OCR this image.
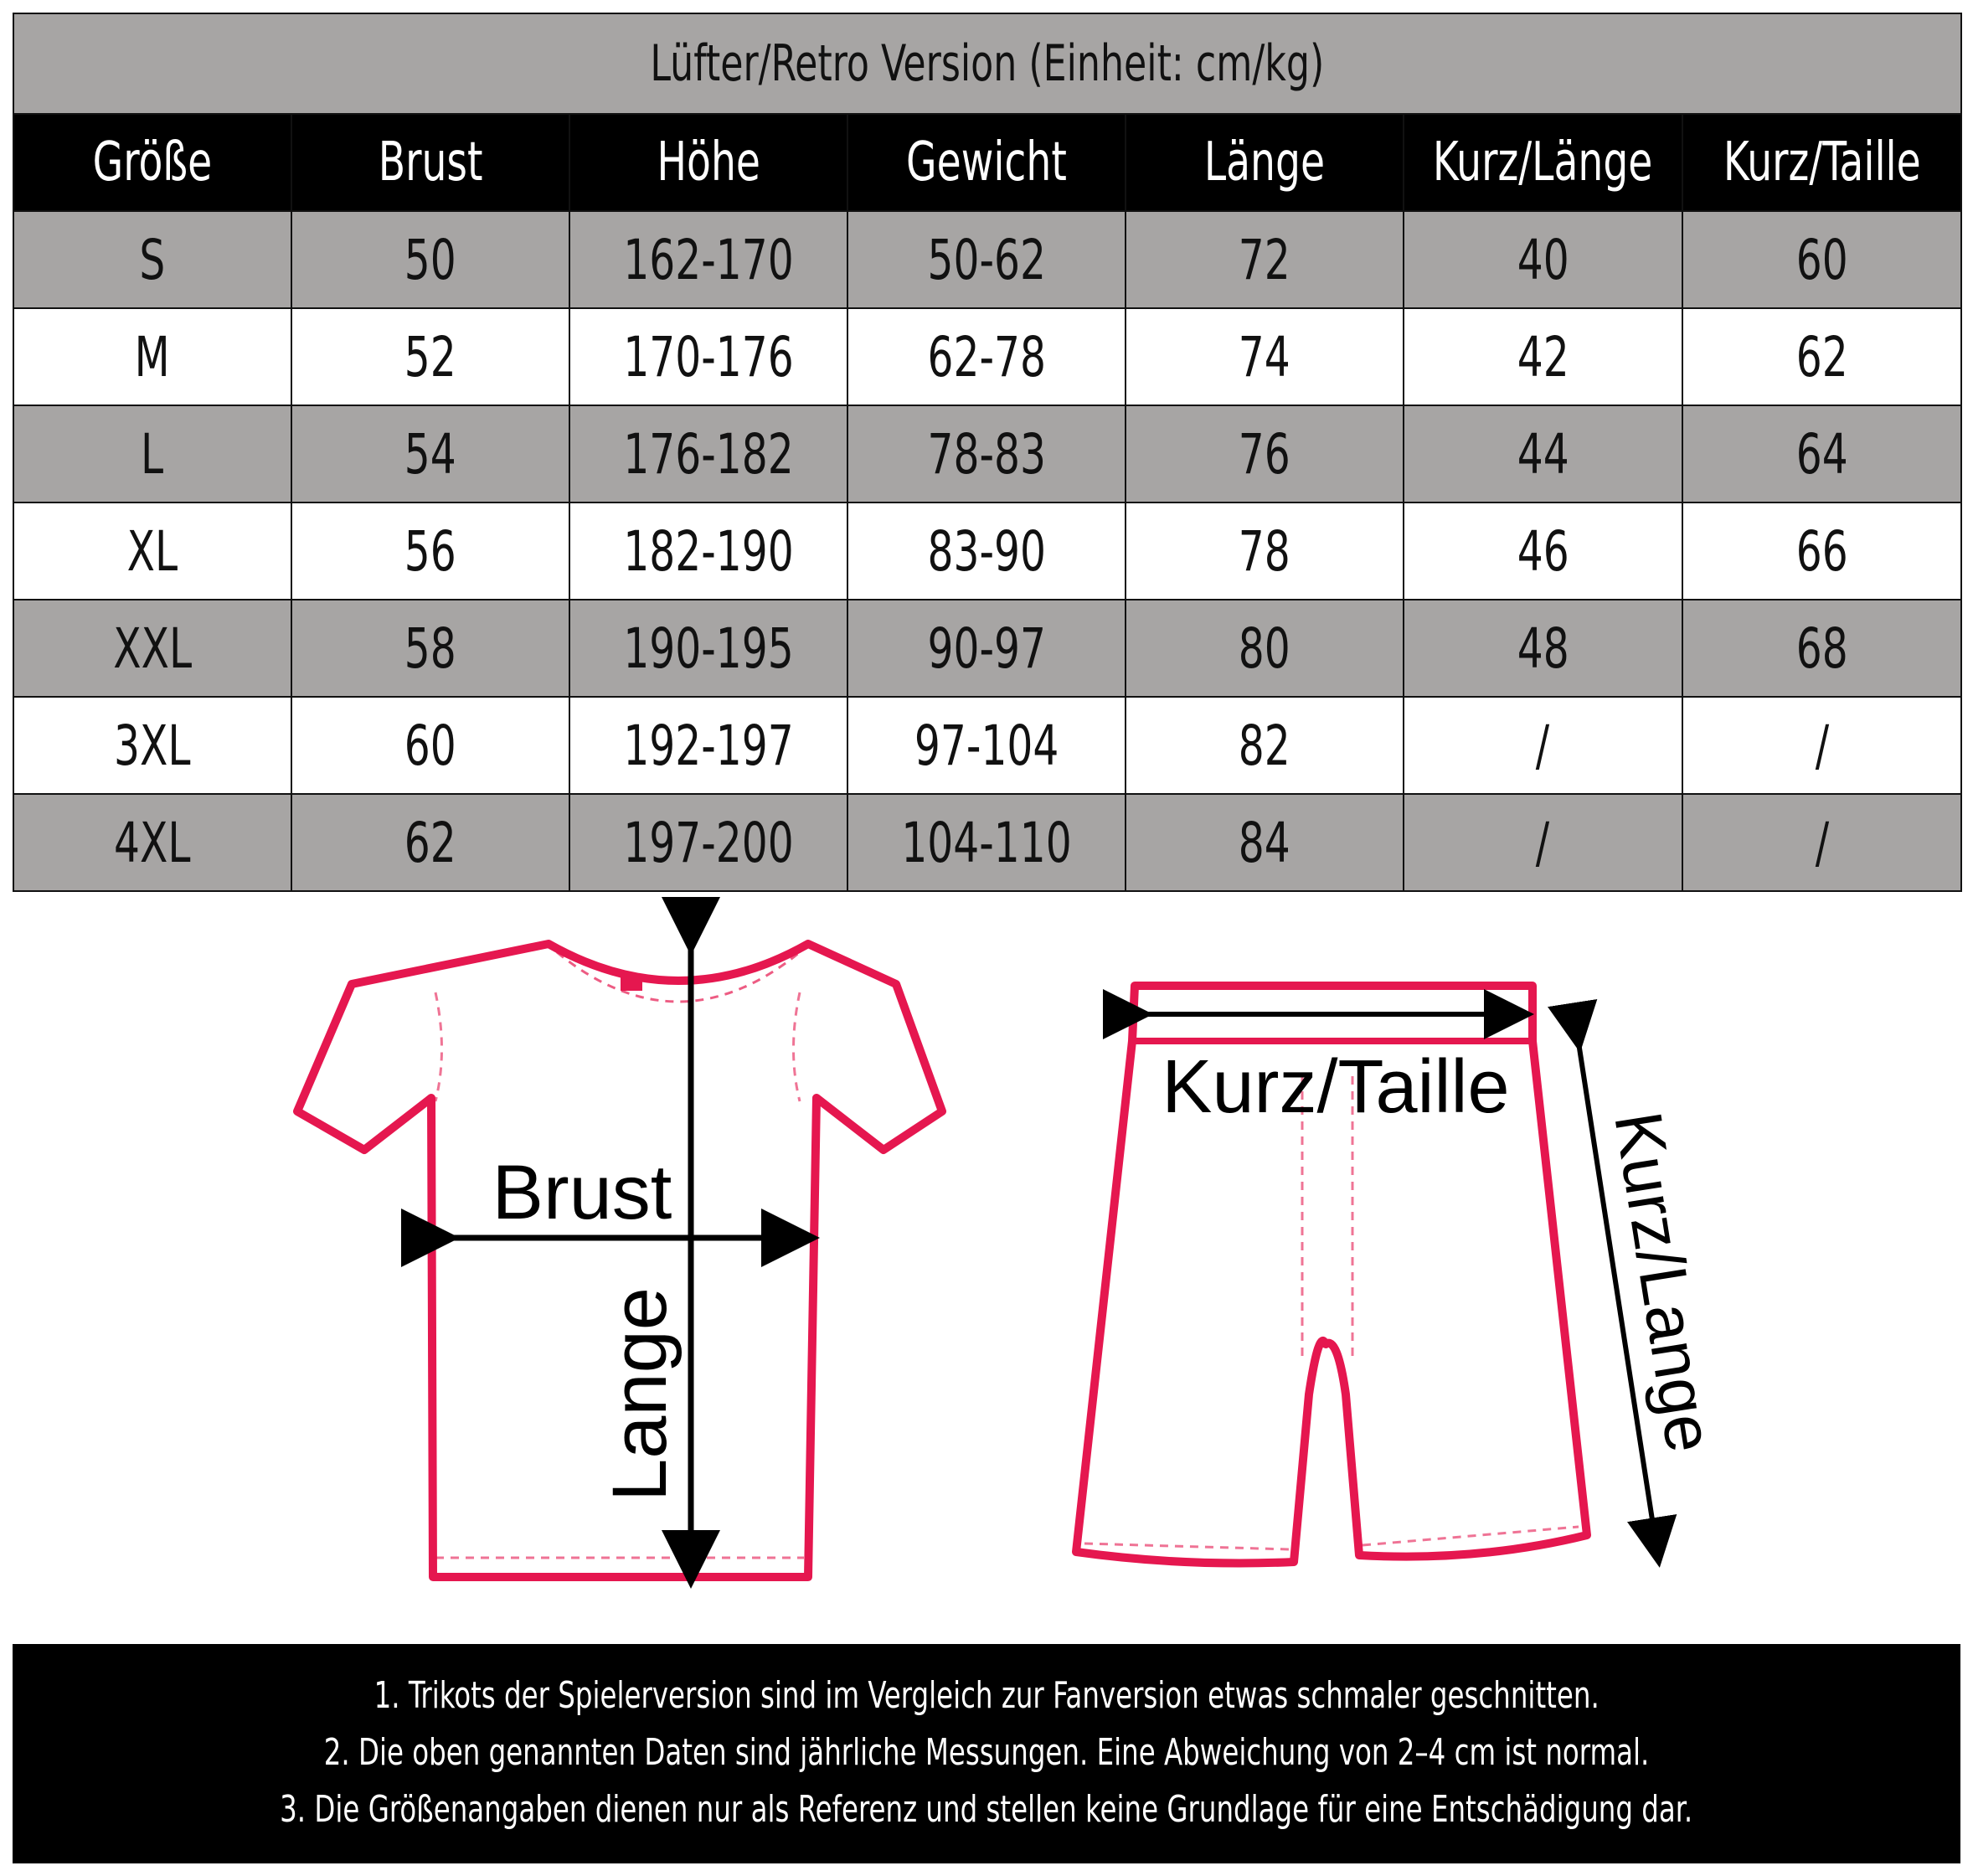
Lüfter/Retro Version (Einheit: cm/kg)						
Größe	Brust	Höhe	Gewicht	Länge	Kurz/Länge	Kurz/Taille
S	50	162-170	50-62	72	40	60
M	52	170-176	62-78	74	42	62
L	54	176-182	78-83	76	44	64
XL	56	182-190	83-90	78	46	66
XXL	58	190-195	90-97	80	48	68
3XL	60	192-197	97-104	82	/	/
4XL	62	197-200	104-110	84	/	/
Brust
Lange
Kurz/Taille
Kurz/Lange
1. Trikots der Spielerversion sind im Vergleich zur Fanversion etwas schmaler geschnitten.
2. Die oben genannten Daten sind jährliche Messungen. Eine Abweichung von 2–4 cm ist normal.
3. Die Größenangaben dienen nur als Referenz und stellen keine Grundlage für eine Entschädigung dar.
